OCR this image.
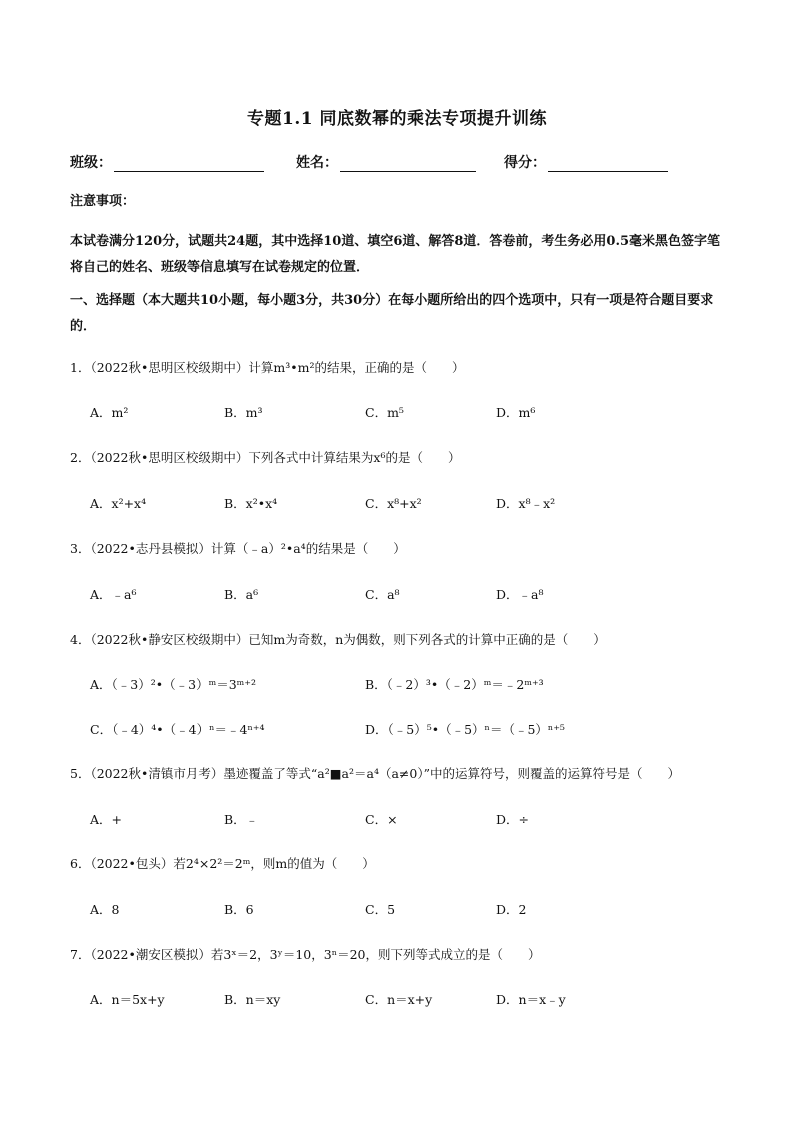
专题1.1 同底数幂的乘法专项提升训练
班级：	姓名：	得分：
注意事项：
本试卷满分120分，试题共24题，其中选择10道、填空6道、解答8道．答卷前，考生务必用0.5毫米黑色签字笔将自己的姓名、班级等信息填写在试卷规定的位置．
一、选择题（本大题共10小题，每小题3分，共30分）在每小题所给出的四个选项中，只有一项是符合题目要求的．
1．（2022秋•思明区校级期中）计算m³•m²的结果，正确的是（　　）
A．m²	B．m³	C．m⁵	D．m⁶
2．（2022秋•思明区校级期中）下列各式中计算结果为x⁶的是（　　）
A．x²+x⁴	B．x²•x⁴	C．x⁸+x²	D．x⁸﹣x²
3．（2022•志丹县模拟）计算（﹣a）²•a⁴的结果是（　　）
A．﹣a⁶	B．a⁶	C．a⁸	D．﹣a⁸
4．（2022秋•静安区校级期中）已知m为奇数，n为偶数，则下列各式的计算中正确的是（　　）
A．（﹣3）²•（﹣3）ᵐ＝3ᵐ⁺²	B．（﹣2）³•（﹣2）ᵐ＝﹣2ᵐ⁺³
C．（﹣4）⁴•（﹣4）ⁿ＝﹣4ⁿ⁺⁴	D．（﹣5）⁵•（﹣5）ⁿ＝（﹣5）ⁿ⁺⁵
5．（2022秋•清镇市月考）墨迹覆盖了等式“a²■a²＝a⁴（a≠0）”中的运算符号，则覆盖的运算符号是（　　）
A．+	B．﹣	C．×	D．÷
6．（2022•包头）若2⁴×2²＝2ᵐ，则m的值为（　　）
A．8	B．6	C．5	D．2
7．（2022•潮安区模拟）若3ˣ＝2，3ʸ＝10，3ⁿ＝20，则下列等式成立的是（　　）
A．n＝5x+y	B．n＝xy	C．n＝x+y	D．n＝x﹣y
